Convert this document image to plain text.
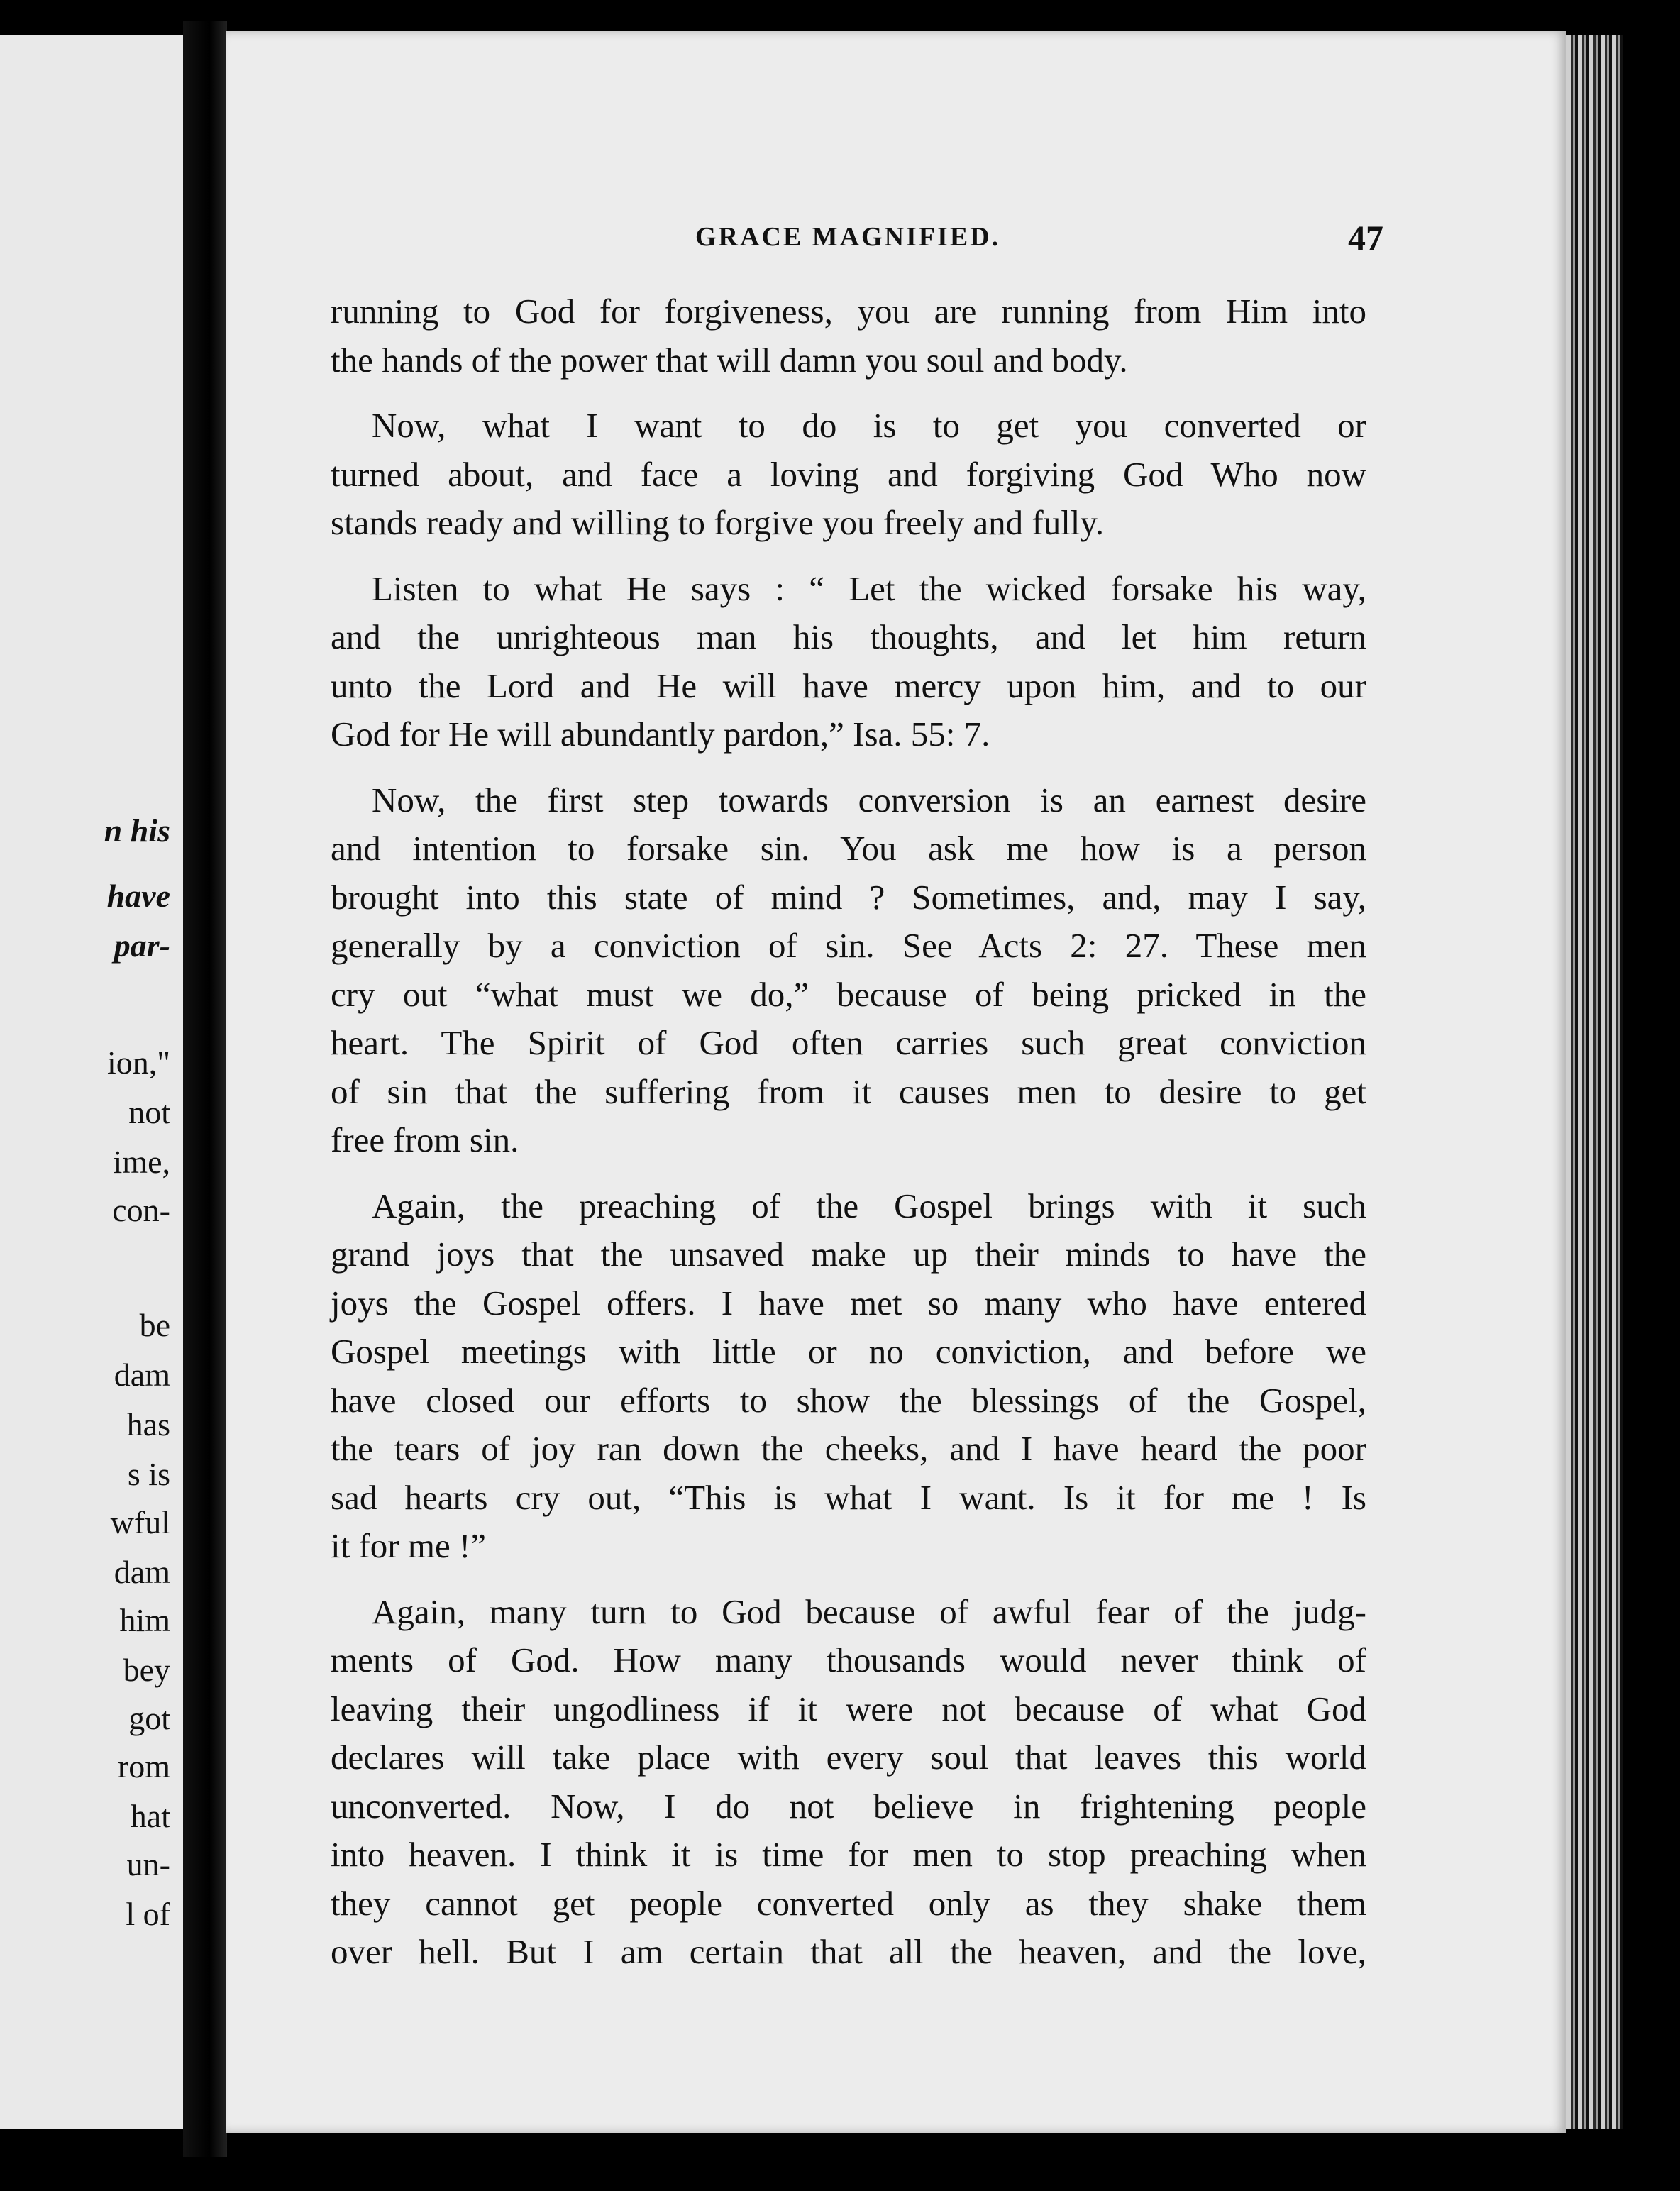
n his
have
par-
ion,"
not
ime,
con-
be
dam
has
s is
wful
dam
him
bey
got
rom
hat
un-
l of
GRACE MAGNIFIED.	47

running to God for forgiveness, you are running from Him into
the hands of the power that will damn you soul and body.

Now, what I want to do is to get you converted or
turned about, and face a loving and forgiving God Who now
stands ready and willing to forgive you freely and fully.

Listen to what He says : “ Let the wicked forsake his way,
and the unrighteous man his thoughts, and let him return
unto the Lord and He will have mercy upon him, and to our
God for He will abundantly pardon,” Isa. 55: 7.

Now, the first step towards conversion is an earnest desire
and intention to forsake sin. You ask me how is a person
brought into this state of mind ? Sometimes, and, may I say,
generally by a conviction of sin. See Acts 2: 27. These men
cry out “what must we do,” because of being pricked in the
heart. The Spirit of God often carries such great conviction
of sin that the suffering from it causes men to desire to get
free from sin.

Again, the preaching of the Gospel brings with it such
grand joys that the unsaved make up their minds to have the
joys the Gospel offers. I have met so many who have entered
Gospel meetings with little or no conviction, and before we
have closed our efforts to show the blessings of the Gospel,
the tears of joy ran down the cheeks, and I have heard the poor
sad hearts cry out, “This is what I want. Is it for me ! Is
it for me !”

Again, many turn to God because of awful fear of the judg-
ments of God. How many thousands would never think of
leaving their ungodliness if it were not because of what God
declares will take place with every soul that leaves this world
unconverted. Now, I do not believe in frightening people
into heaven. I think it is time for men to stop preaching when
they cannot get people converted only as they shake them
over hell. But I am certain that all the heaven, and the love,
